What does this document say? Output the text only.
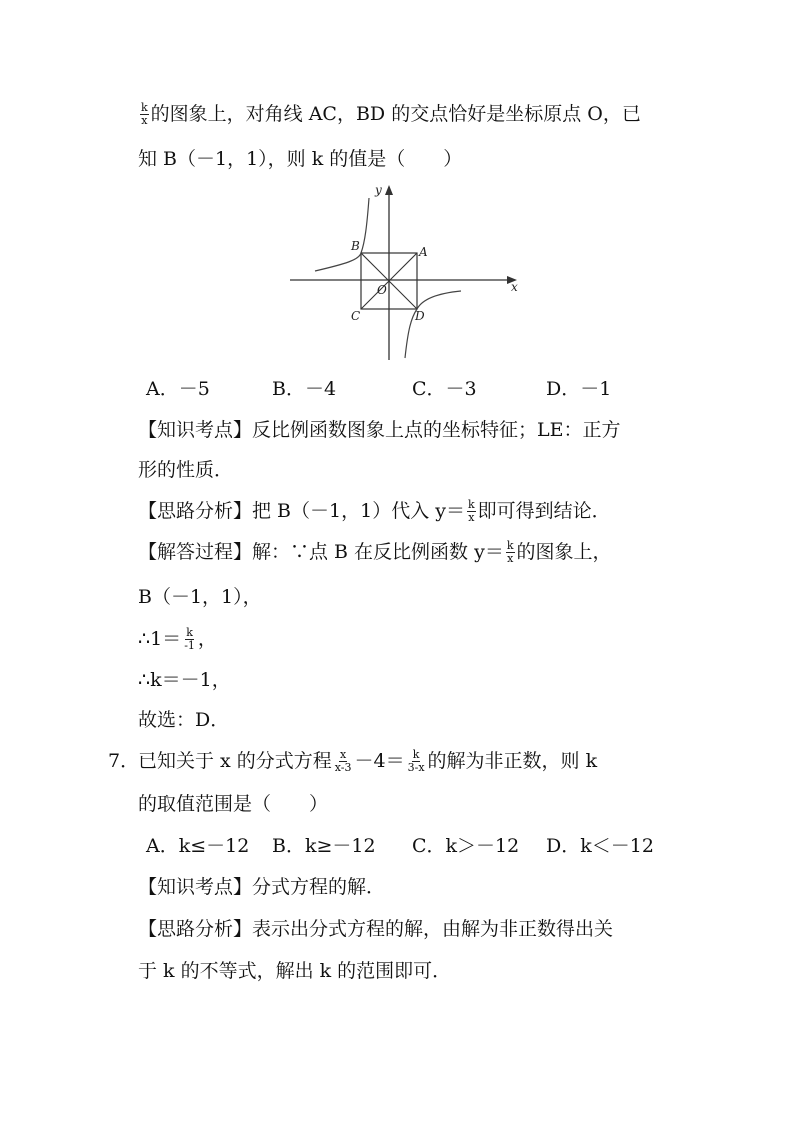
$\frac{k}{x}$ 的图象上，对角线 AC，BD 的交点恰好是坐标原点 O，已
知 B（－1，1），则 k 的值是（　　）
y
x
A
B
C	D
O
A．－5	B．－4	C．－3	D．－1
【知识考点】反比例函数图象上点的坐标特征；LE：正方
形的性质．
【思路分析】把 B（－1，1）代入 $y= \frac{k}{x}$ 即可得到结论．
【解答过程】解：∵点 B 在反比例函数 $y= \frac{k}{x}$ 的图象上，
B（－1，1），
∴1＝ $\frac{k}{-1}$ ，
∴k＝－1，
故选：D．
7．
已知关于 x 的分式方程 $\frac{x}{x-3} -4= \frac{k}{3-x}$ 的解为非正数，则 k
的取值范围是（　　）
A．k≤－12 B．k≥－12 C．k＞－12 D．k＜－12
【知识考点】分式方程的解．
【思路分析】表示出分式方程的解，由解为非正数得出关
于 k 的不等式，解出 k 的范围即可．
